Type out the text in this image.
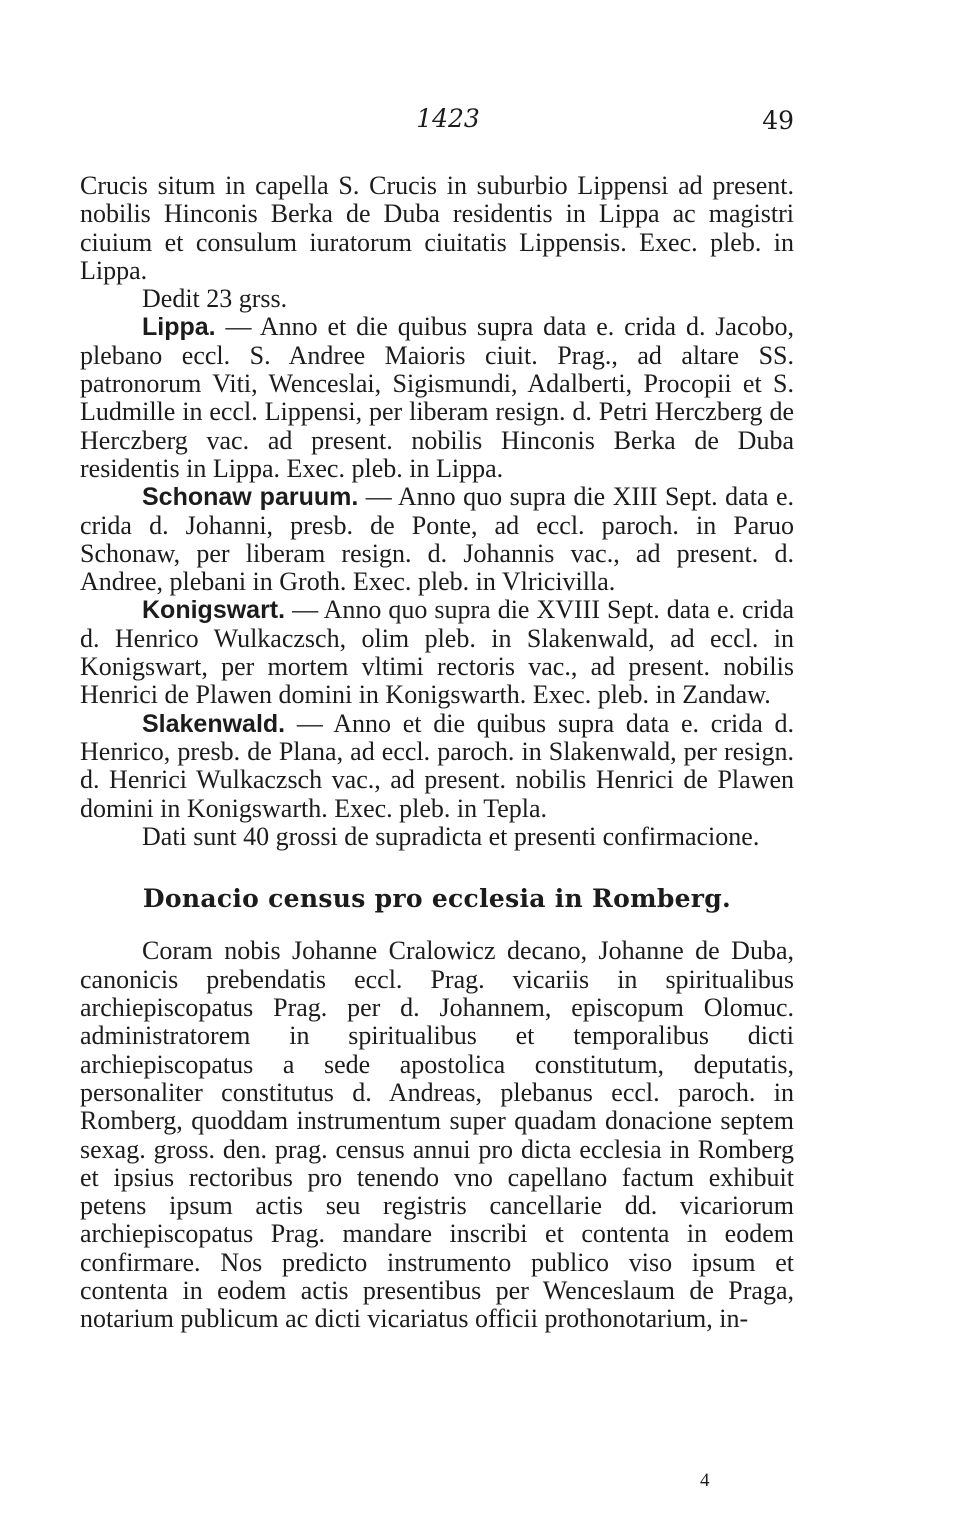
1423	49

Crucis situm in capella S. Crucis in suburbio Lippensi ad present. nobilis Hinconis Berka de Duba residentis in Lippa ac magistri ciuium et consulum iuratorum ciuitatis Lippensis. Exec. pleb. in Lippa.

Dedit 23 grss.

Lippa. — Anno et die quibus supra data e. crida d. Jacobo, plebano eccl. S. Andree Maioris ciuit. Prag., ad altare SS. patronorum Viti, Wenceslai, Sigismundi, Adalberti, Procopii et S. Ludmille in eccl. Lippensi, per liberam resign. d. Petri Herczberg de Herczberg vac. ad present. nobilis Hinconis Berka de Duba residentis in Lippa. Exec. pleb. in Lippa.

Schonaw paruum. — Anno quo supra die XIII Sept. data e. crida d. Johanni, presb. de Ponte, ad eccl. paroch. in Paruo Schonaw, per liberam resign. d. Johannis vac., ad present. d. Andree, plebani in Groth. Exec. pleb. in Vlricivilla.

Konigswart. — Anno quo supra die XVIII Sept. data e. crida d. Henrico Wulkaczsch, olim pleb. in Slakenwald, ad eccl. in Konigswart, per mortem vltimi rectoris vac., ad present. nobilis Henrici de Plawen domini in Konigswarth. Exec. pleb. in Zandaw.

Slakenwald. — Anno et die quibus supra data e. crida d. Henrico, presb. de Plana, ad eccl. paroch. in Slakenwald, per resign. d. Henrici Wulkaczsch vac., ad present. nobilis Henrici de Plawen domini in Konigswarth. Exec. pleb. in Tepla.

Dati sunt 40 grossi de supradicta et presenti confirmacione.

Donacio census pro ecclesia in Romberg.

Coram nobis Johanne Cralowicz decano, Johanne de Duba, canonicis prebendatis eccl. Prag. vicariis in spiritualibus archiepiscopatus Prag. per d. Johannem, episcopum Olomuc. administratorem in spiritualibus et temporalibus dicti archiepiscopatus a sede apostolica constitutum, deputatis, personaliter constitutus d. Andreas, plebanus eccl. paroch. in Romberg, quoddam instrumentum super quadam donacione septem sexag. gross. den. prag. census annui pro dicta ecclesia in Romberg et ipsius rectoribus pro tenendo vno capellano factum exhibuit petens ipsum actis seu registris cancellarie dd. vicariorum archiepiscopatus Prag. mandare inscribi et contenta in eodem confirmare. Nos predicto instrumento publico viso ipsum et contenta in eodem actis presentibus per Wenceslaum de Praga, notarium publicum ac dicti vicariatus officii prothonotarium, in-

4
